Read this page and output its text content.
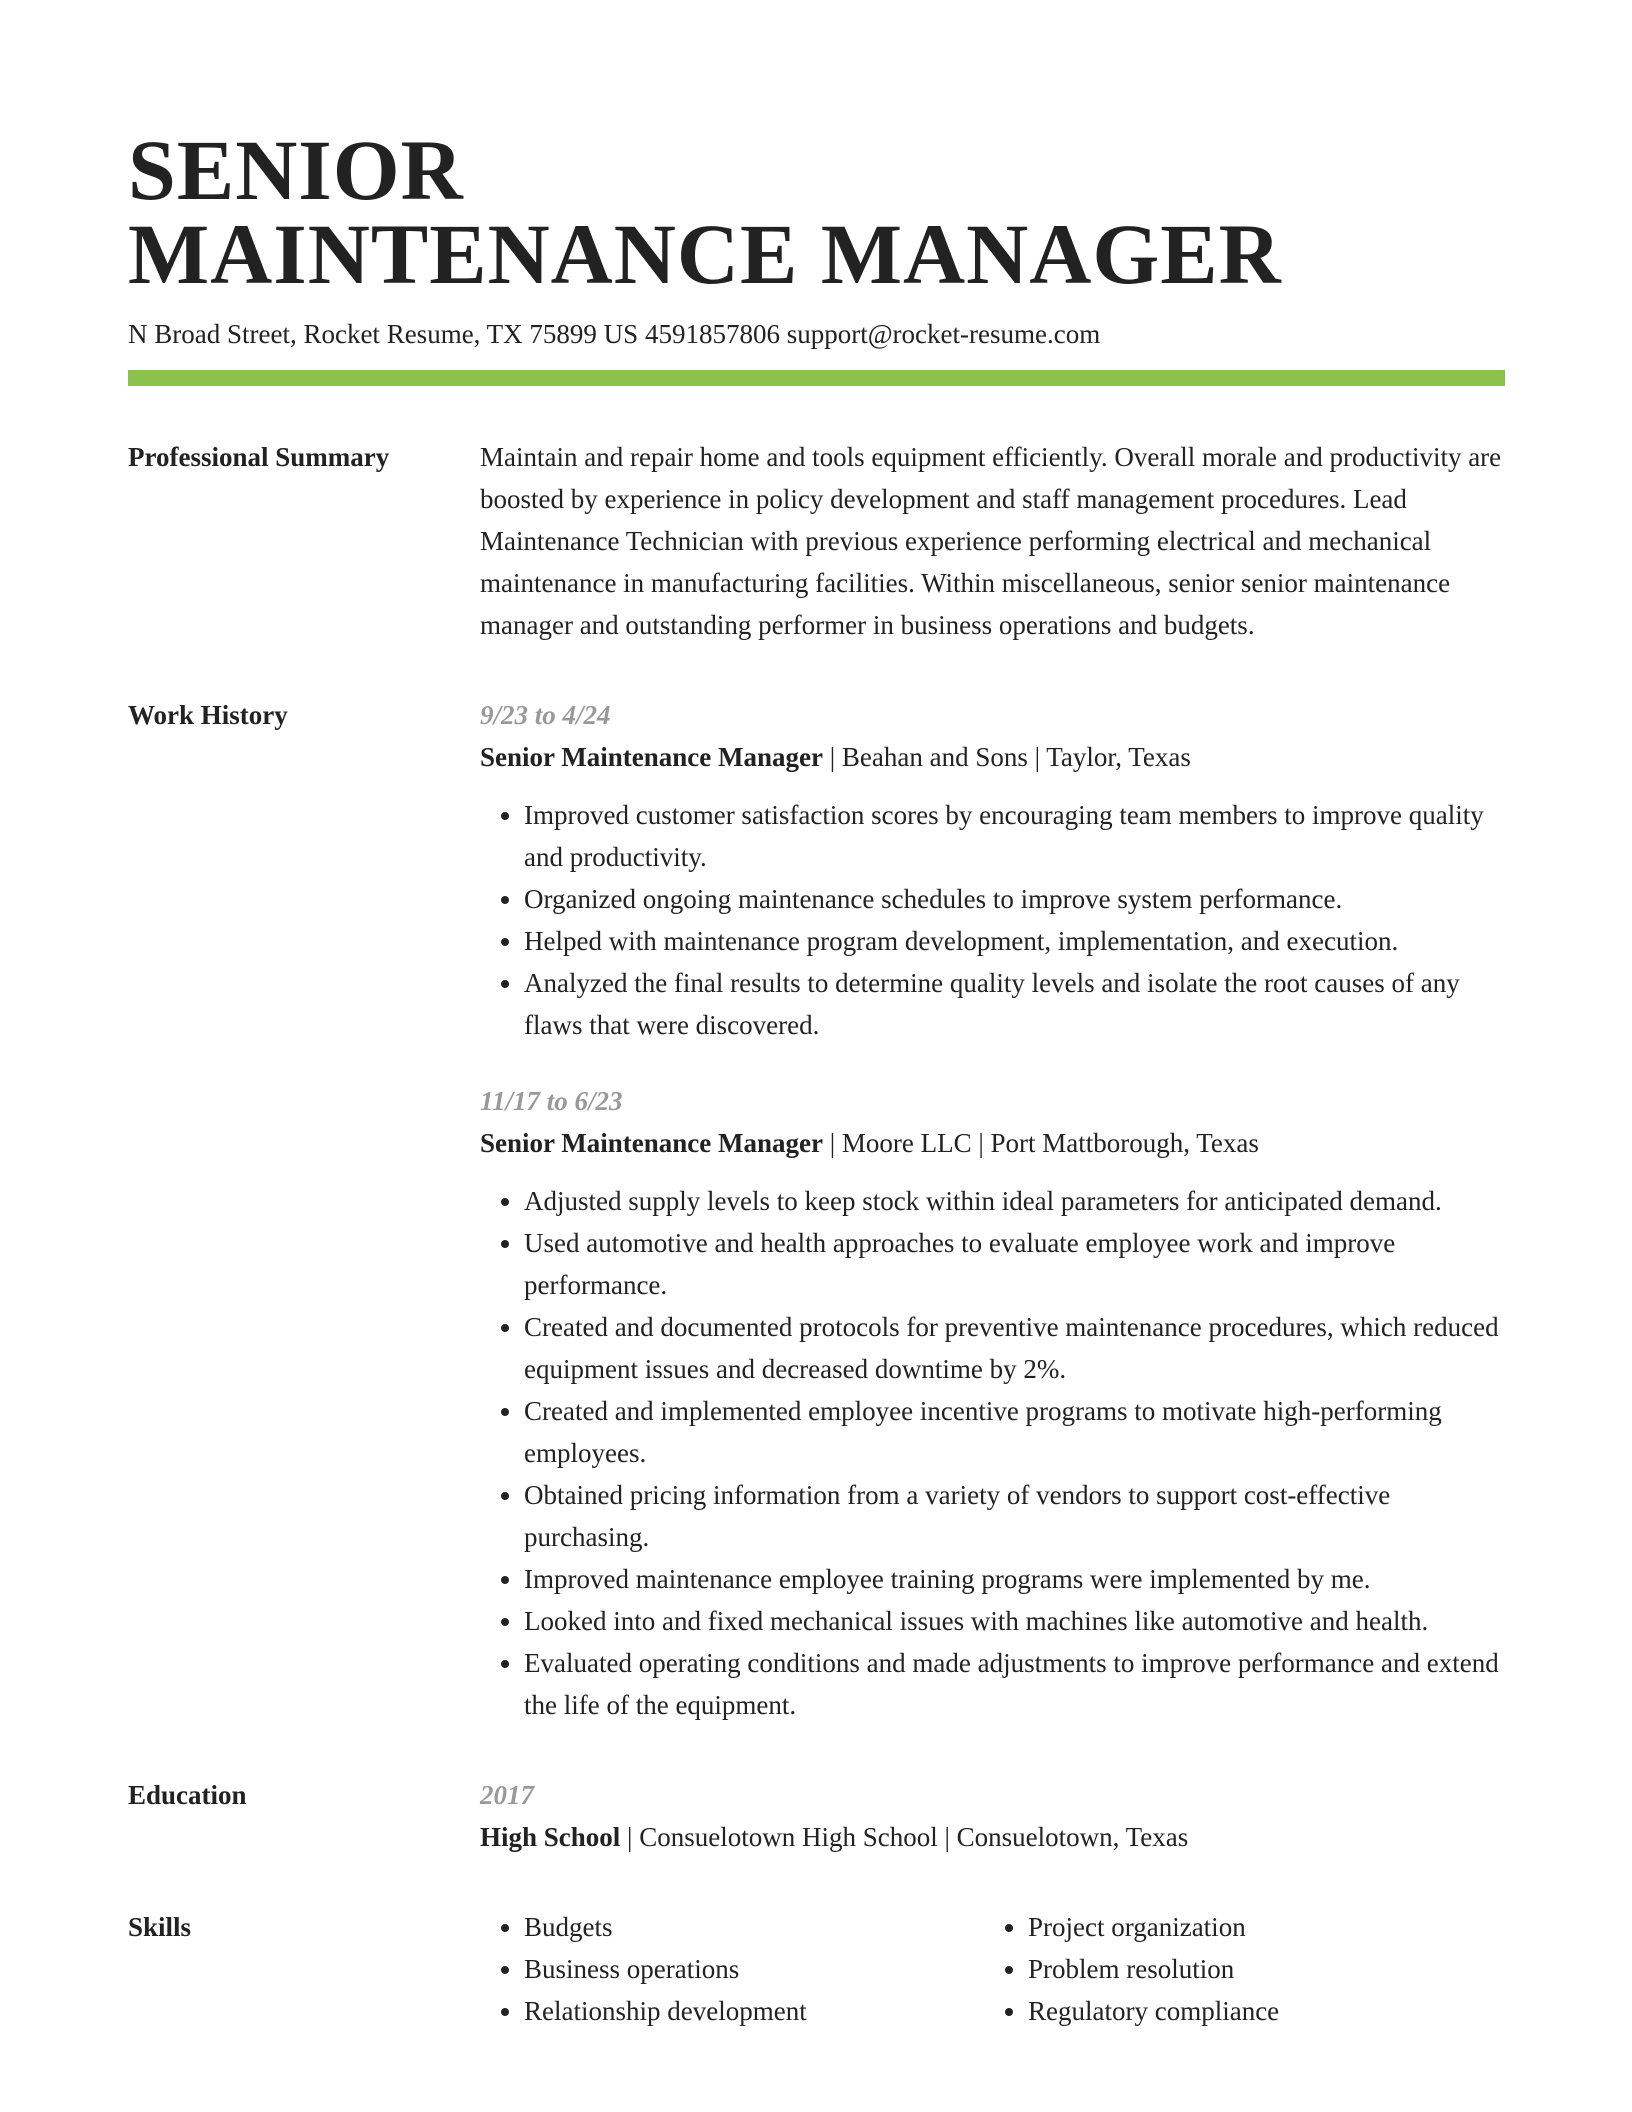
SENIOR
MAINTENANCE MANAGER
N Broad Street, Rocket Resume, TX 75899 US 4591857806 support@rocket-resume.com
Professional Summary	Maintain and repair home and tools equipment efficiently. Overall morale and productivity are boosted by experience in policy development and staff management procedures. Lead Maintenance Technician with previous experience performing electrical and mechanical maintenance in manufacturing facilities. Within miscellaneous, senior senior maintenance manager and outstanding performer in business operations and budgets.

Work History	9/23 to 4/24
Senior Maintenance Manager | Beahan and Sons | Taylor, Texas
• Improved customer satisfaction scores by encouraging team members to improve quality and productivity.
• Organized ongoing maintenance schedules to improve system performance.
• Helped with maintenance program development, implementation, and execution.
• Analyzed the final results to determine quality levels and isolate the root causes of any flaws that were discovered.
11/17 to 6/23
Senior Maintenance Manager | Moore LLC | Port Mattborough, Texas
• Adjusted supply levels to keep stock within ideal parameters for anticipated demand.
• Used automotive and health approaches to evaluate employee work and improve performance.
• Created and documented protocols for preventive maintenance procedures, which reduced equipment issues and decreased downtime by 2%.
• Created and implemented employee incentive programs to motivate high-performing employees.
• Obtained pricing information from a variety of vendors to support cost-effective purchasing.
• Improved maintenance employee training programs were implemented by me.
• Looked into and fixed mechanical issues with machines like automotive and health.
• Evaluated operating conditions and made adjustments to improve performance and extend the life of the equipment.
Education	2017
High School | Consuelotown High School | Consuelotown, Texas
Skills
•	Budgets
• Business operations
• Relationship development
• Project organization
• Problem resolution
• Regulatory compliance
